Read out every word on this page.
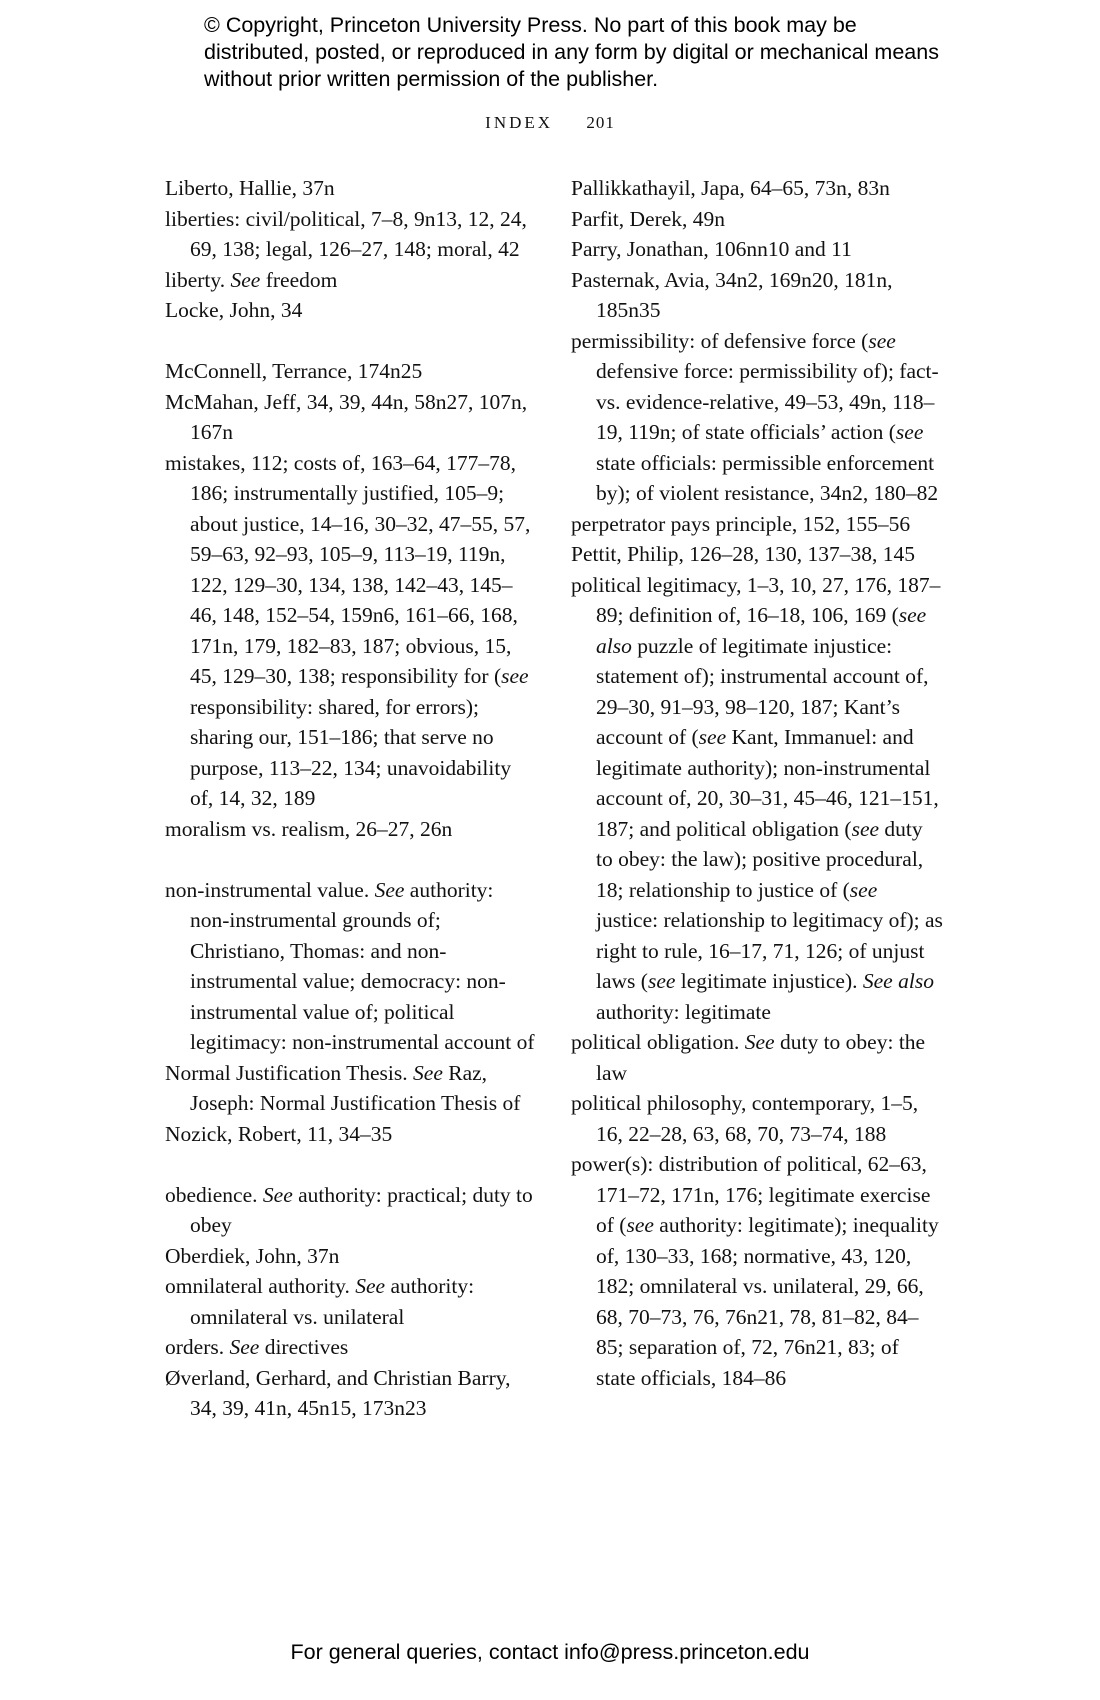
© Copyright, Princeton University Press. No part of this book may be distributed, posted, or reproduced in any form by digital or mechanical means without prior written permission of the publisher.
INDEX 201

Liberto, Hallie, 37n

liberties: civil/political, 7–8, 9n13, 12, 24, 69, 138; legal, 126–27, 148; moral, 42

liberty. See freedom

Locke, John, 34

McConnell, Terrance, 174n25

McMahan, Jeff, 34, 39, 44n, 58n27, 107n, 167n

mistakes, 112; costs of, 163–64, 177–78, 186; instrumentally justified, 105–9; about justice, 14–16, 30–32, 47–55, 57, 59–63, 92–93, 105–9, 113–19, 119n, 122, 129–30, 134, 138, 142–43, 145–46, 148, 152–54, 159n6, 161–66, 168, 171n, 179, 182–83, 187; obvious, 15, 45, 129–30, 138; responsibility for (see responsibility: shared, for errors); sharing our, 151–186; that serve no purpose, 113–22, 134; unavoidability of, 14, 32, 189

moralism vs. realism, 26–27, 26n

non-instrumental value. See authority: non-instrumental grounds of; Christiano, Thomas: and non-instrumental value; democracy: non-instrumental value of; political legitimacy: non-instrumental account of

Normal Justification Thesis. See Raz, Joseph: Normal Justification Thesis of

Nozick, Robert, 11, 34–35

obedience. See authority: practical; duty to obey

Oberdiek, John, 37n

omnilateral authority. See authority: omnilateral vs. unilateral

orders. See directives

Øverland, Gerhard, and Christian Barry, 34, 39, 41n, 45n15, 173n23

Pallikkathayil, Japa, 64–65, 73n, 83n

Parfit, Derek, 49n

Parry, Jonathan, 106nn10 and 11

Pasternak, Avia, 34n2, 169n20, 181n, 185n35

permissibility: of defensive force (see defensive force: permissibility of); fact- vs. evidence-relative, 49–53, 49n, 118–19, 119n; of state officials’ action (see state officials: permissible enforcement by); of violent resistance, 34n2, 180–82

perpetrator pays principle, 152, 155–56

Pettit, Philip, 126–28, 130, 137–38, 145

political legitimacy, 1–3, 10, 27, 176, 187–89; definition of, 16–18, 106, 169 (see also puzzle of legitimate injustice: statement of); instrumental account of, 29–30, 91–93, 98–120, 187; Kant’s account of (see Kant, Immanuel: and legitimate authority); non-instrumental account of, 20, 30–31, 45–46, 121–151, 187; and political obligation (see duty to obey: the law); positive procedural, 18; relationship to justice of (see justice: relationship to legitimacy of); as right to rule, 16–17, 71, 126; of unjust laws (see legitimate injustice). See also authority: legitimate

political obligation. See duty to obey: the law

political philosophy, contemporary, 1–5, 16, 22–28, 63, 68, 70, 73–74, 188

power(s): distribution of political, 62–63, 171–72, 171n, 176; legitimate exercise of (see authority: legitimate); inequality of, 130–33, 168; normative, 43, 120, 182; omnilateral vs. unilateral, 29, 66, 68, 70–73, 76, 76n21, 78, 81–82, 84–85; separation of, 72, 76n21, 83; of state officials, 184–86

For general queries, contact info@press.princeton.edu
